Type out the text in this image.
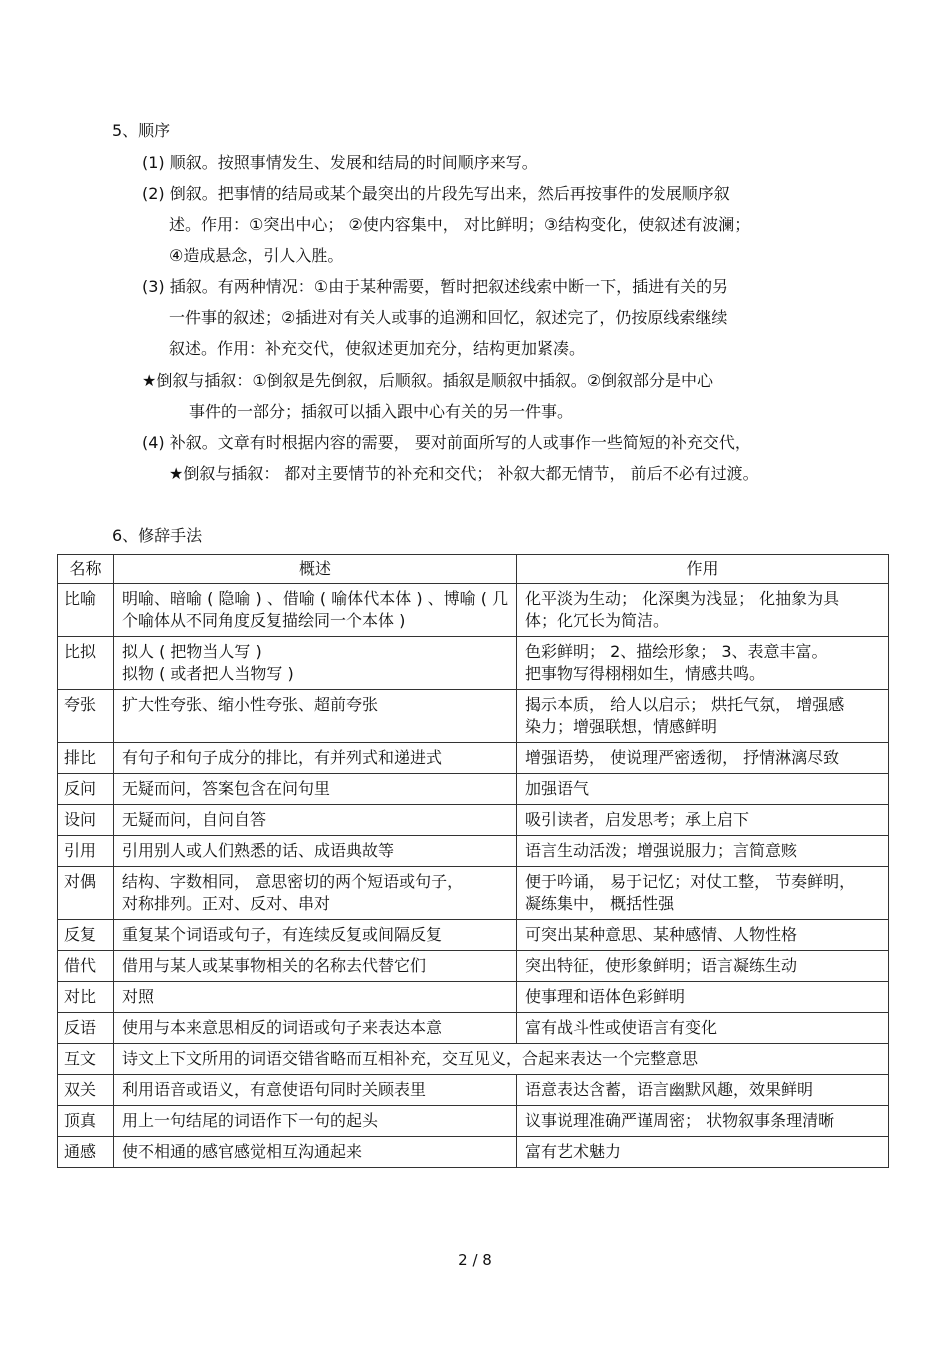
5、顺序
(1) 顺叙。按照事情发生、发展和结局的时间顺序来写。
(2) 倒叙。把事情的结局或某个最突出的片段先写出来，然后再按事件的发展顺序叙
述。作用：①突出中心； ②使内容集中， 对比鲜明；③结构变化，使叙述有波澜；
④造成悬念，引人入胜。
(3) 插叙。有两种情况：①由于某种需要，暂时把叙述线索中断一下，插进有关的另
一件事的叙述；②插进对有关人或事的追溯和回忆，叙述完了，仍按原线索继续
叙述。作用：补充交代，使叙述更加充分，结构更加紧凑。
★倒叙与插叙：①倒叙是先倒叙，后顺叙。插叙是顺叙中插叙。②倒叙部分是中心
事件的一部分；插叙可以插入跟中心有关的另一件事。
(4) 补叙。文章有时根据内容的需要， 要对前面所写的人或事作一些简短的补充交代，
★倒叙与插叙： 都对主要情节的补充和交代； 补叙大都无情节， 前后不必有过渡。
6、修辞手法
名称	概述	作用
比喻	明喻、暗喻 ( 隐喻 ) 、借喻 ( 喻体代本体 ) 、博喻 ( 几
个喻体从不同角度反复描绘同一个本体 )	化平淡为生动； 化深奥为浅显； 化抽象为具
体；化冗长为简洁。

比拟	拟人 ( 把物当人写 )
拟物 ( 或者把人当物写 )	色彩鲜明； 2、描绘形象； 3、表意丰富。
把事物写得栩栩如生，情感共鸣。

夸张	扩大性夸张、缩小性夸张、超前夸张	揭示本质， 给人以启示； 烘托气氛， 增强感
染力；增强联想，情感鲜明

排比	有句子和句子成分的排比，有并列式和递进式	增强语势， 使说理严密透彻， 抒情淋漓尽致

反问	无疑而问，答案包含在问句里	加强语气

设问	无疑而问，自问自答	吸引读者，启发思考；承上启下

引用	引用别人或人们熟悉的话、成语典故等	语言生动活泼；增强说服力；言简意赅

对偶	结构、字数相同， 意思密切的两个短语或句子，
对称排列。正对、反对、串对	便于吟诵， 易于记忆；对仗工整， 节奏鲜明，
凝练集中， 概括性强

反复	重复某个词语或句子，有连续反复或间隔反复	可突出某种意思、某种感情、人物性格

借代	借用与某人或某事物相关的名称去代替它们	突出特征，使形象鲜明；语言凝练生动

对比	对照	使事理和语体色彩鲜明

反语	使用与本来意思相反的词语或句子来表达本意	富有战斗性或使语言有变化

互文	诗文上下文所用的词语交错省略而互相补充，交互见义，合起来表达一个完整意思	
双关	利用语音或语义，有意使语句同时关顾表里	语意表达含蓄，语言幽默风趣，效果鲜明

顶真	用上一句结尾的词语作下一句的起头	议事说理准确严谨周密； 状物叙事条理清晰

通感	使不相通的感官感觉相互沟通起来	富有艺术魅力
2 / 8
